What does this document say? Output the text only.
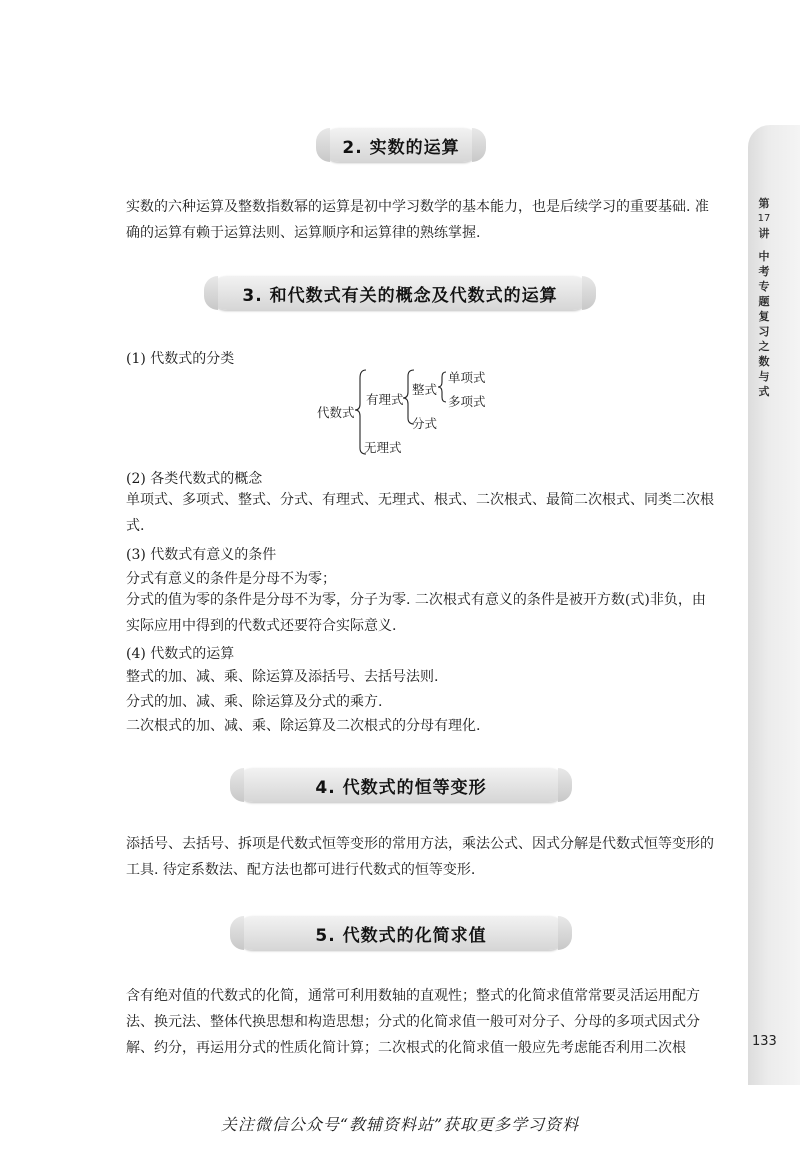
第
17
讲
中
考
专
题
复
习
之
数
与
式
133
2. 实数的运算
实数的六种运算及整数指数幂的运算是初中学习数学的基本能力，也是后续学习的重要基础. 准确的运算有赖于运算法则、运算顺序和运算律的熟练掌握.
3. 和代数式有关的概念及代数式的运算
(1) 代数式的分类
代数式
有理式
无理式
整式
分式
单项式
多项式
(2) 各类代数式的概念
单项式、多项式、整式、分式、有理式、无理式、根式、二次根式、最简二次根式、同类二次根式.
(3) 代数式有意义的条件
分式有意义的条件是分母不为零；
分式的值为零的条件是分母不为零，分子为零. 二次根式有意义的条件是被开方数(式)非负，由实际应用中得到的代数式还要符合实际意义.
(4) 代数式的运算
整式的加、减、乘、除运算及添括号、去括号法则.
分式的加、减、乘、除运算及分式的乘方.
二次根式的加、减、乘、除运算及二次根式的分母有理化.
4. 代数式的恒等变形
添括号、去括号、拆项是代数式恒等变形的常用方法，乘法公式、因式分解是代数式恒等变形的工具. 待定系数法、配方法也都可进行代数式的恒等变形.
5. 代数式的化简求值
含有绝对值的代数式的化简，通常可利用数轴的直观性；整式的化简求值常常要灵活运用配方法、换元法、整体代换思想和构造思想；分式的化简求值一般可对分子、分母的多项式因式分解、约分，再运用分式的性质化简计算；二次根式的化简求值一般应先考虑能否利用二次根
关注微信公众号“教辅资料站”获取更多学习资料
